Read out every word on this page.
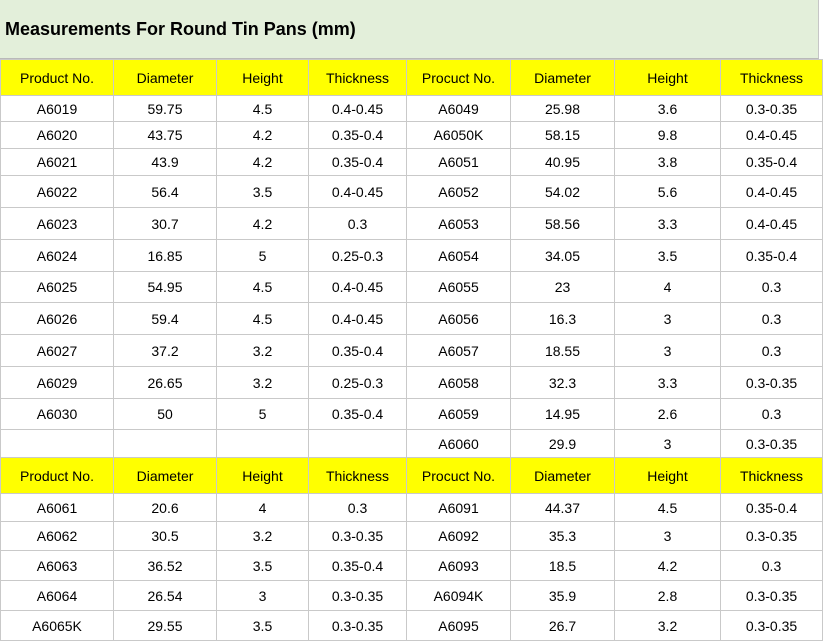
Measurements For Round Tin Pans (mm)
Product No.	Diameter	Height	Thickness	Procuct No.	Diameter	Height	Thickness
A6019	59.75	4.5	0.4-0.45	A6049	25.98	3.6	0.3-0.35
A6020	43.75	4.2	0.35-0.4	A6050K	58.15	9.8	0.4-0.45
A6021	43.9	4.2	0.35-0.4	A6051	40.95	3.8	0.35-0.4
A6022	56.4	3.5	0.4-0.45	A6052	54.02	5.6	0.4-0.45
A6023	30.7	4.2	0.3	A6053	58.56	3.3	0.4-0.45
A6024	16.85	5	0.25-0.3	A6054	34.05	3.5	0.35-0.4
A6025	54.95	4.5	0.4-0.45	A6055	23	4	0.3
A6026	59.4	4.5	0.4-0.45	A6056	16.3	3	0.3
A6027	37.2	3.2	0.35-0.4	A6057	18.55	3	0.3
A6029	26.65	3.2	0.25-0.3	A6058	32.3	3.3	0.3-0.35
A6030	50	5	0.35-0.4	A6059	14.95	2.6	0.3
				A6060	29.9	3	0.3-0.35
Product No.	Diameter	Height	Thickness	Procuct No.	Diameter	Height	Thickness
A6061	20.6	4	0.3	A6091	44.37	4.5	0.35-0.4
A6062	30.5	3.2	0.3-0.35	A6092	35.3	3	0.3-0.35
A6063	36.52	3.5	0.35-0.4	A6093	18.5	4.2	0.3
A6064	26.54	3	0.3-0.35	A6094K	35.9	2.8	0.3-0.35
A6065K	29.55	3.5	0.3-0.35	A6095	26.7	3.2	0.3-0.35
